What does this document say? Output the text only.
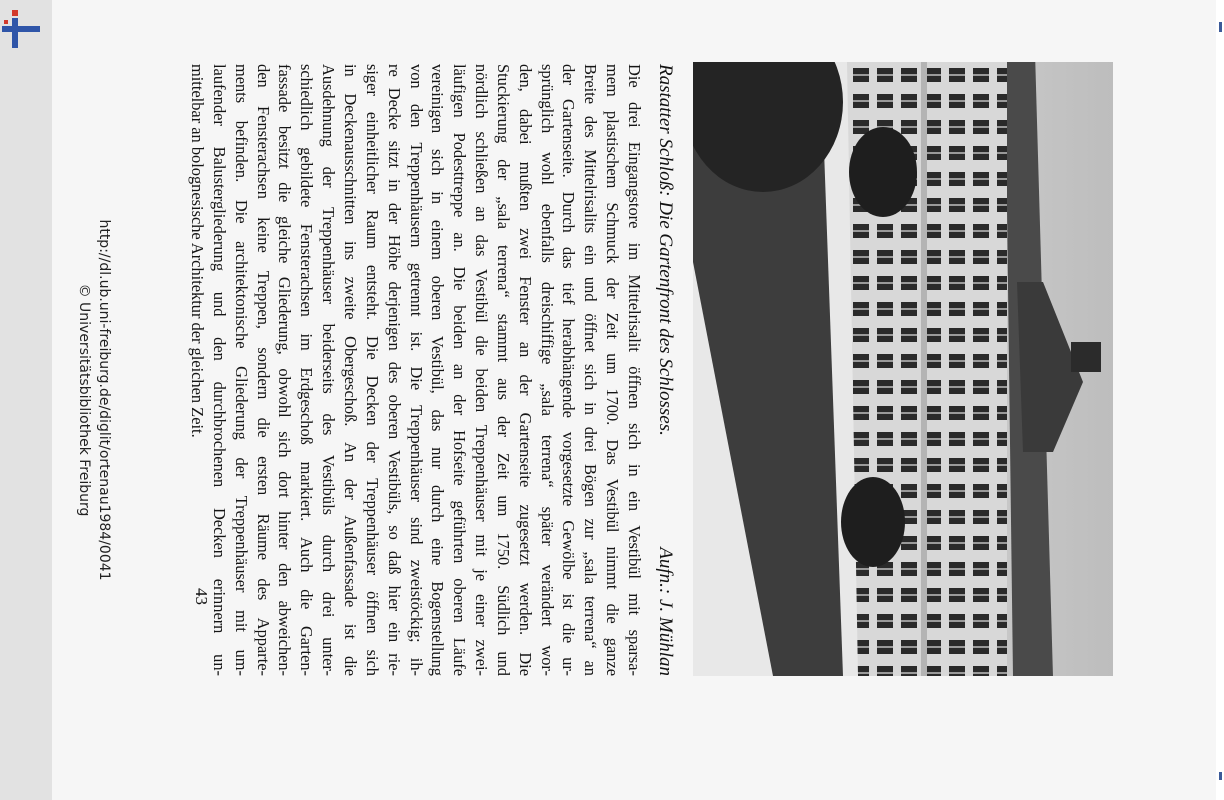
Rastatter Schloß: Die Gartenfront des Schlosses.
Aufn.: J. Mühlan
Die drei Eingangstore im Mittelrisalit öffnen sich in ein Vestibül mit sparsa-
mem plastischem Schmuck der Zeit um 1700. Das Vestibül nimmt die ganze
Breite des Mittelrisalits ein und öffnet sich in drei Bögen zur „sala terrena“ an
der Gartenseite. Durch das tief herabhängende vorgesetzte Gewölbe ist die ur-
sprünglich wohl ebenfalls dreischiffige „sala terrena“ später verändert wor-
den, dabei mußten zwei Fenster an der Gartenseite zugesetzt werden. Die
Stuckierung der „sala terrena“ stammt aus der Zeit um 1750. Südlich und
nördlich schließen an das Vestibül die beiden Treppenhäuser mit je einer zwei-
läufigen Podesttreppe an. Die beiden an der Hofseite geführten oberen Läufe
vereinigen sich in einem oberen Vestibül, das nur durch eine Bogenstellung
von den Treppenhäusern getrennt ist. Die Treppenhäuser sind zweistöckig; ih-
re Decke sitzt in der Höhe derjenigen des oberen Vestibüls, so daß hier ein rie-
siger einheitlicher Raum entsteht. Die Decken der Treppenhäuser öffnen sich
in Deckenausschnitten ins zweite Obergeschoß. An der Außenfassade ist die
Ausdehnung der Treppenhäuser beiderseits des Vestibüls durch drei unter-
schiedlich gebildete Fensterachsen im Erdgeschoß markiert. Auch die Garten-
fassade besitzt die gleiche Gliederung, obwohl sich dort hinter den abweichen-
den Fensterachsen keine Treppen, sondern die ersten Räume des Apparte-
ments befinden. Die architektonische Gliederung der Treppenhäuser mit um-
laufender Balustergliederung und den durchbrochenen Decken erinnern un-
mittelbar an bolognesische Architektur der gleichen Zeit.
43
http://dl.ub.uni-freiburg.de/diglit/ortenau1984/0041
© Universitätsbibliothek Freiburg
